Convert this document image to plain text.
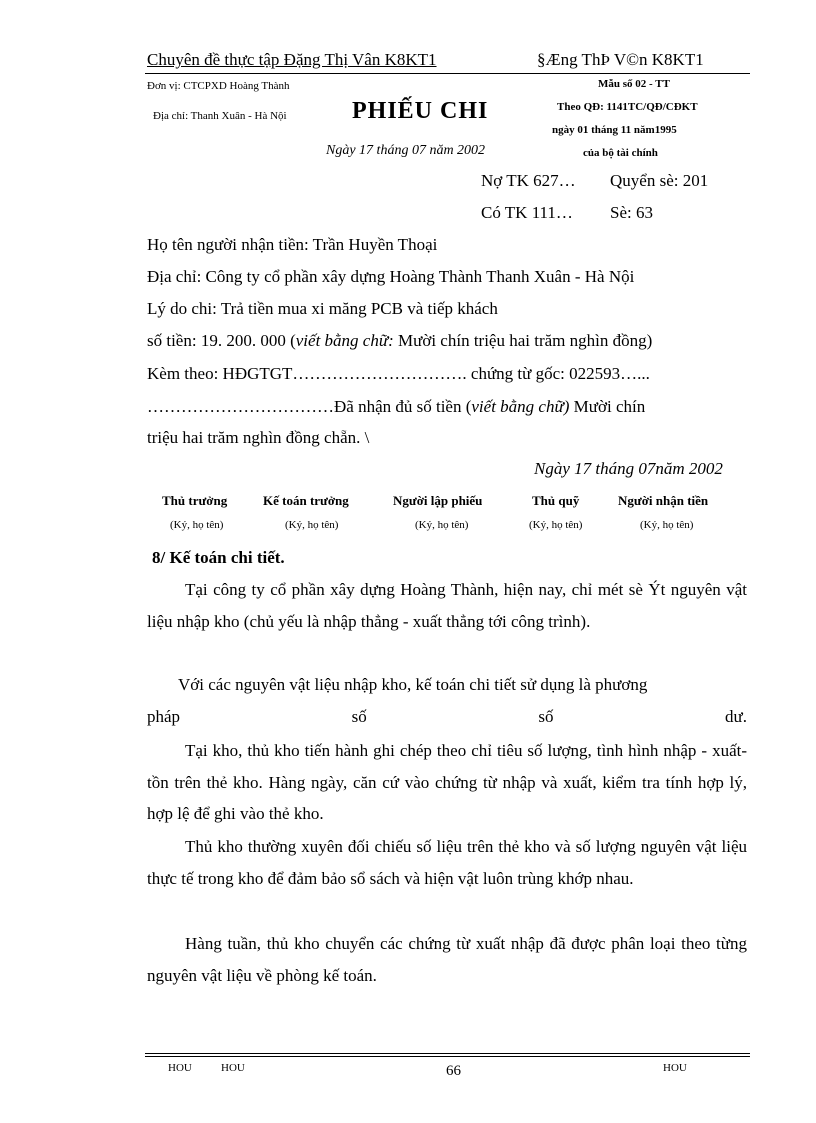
Chuyên đề thực tập Đặng Thị Vân K8KT1	§Æng ThÞ V©n K8KT1
Đơn vị: CTCPXD Hoàng Thành
Địa chỉ: Thanh Xuân - Hà Nội	PHIẾU CHI
Ngày 17 tháng 07 năm 2002
Mẫu số 02 - TT
Theo QĐ: 1141TC/QĐ/CĐKT
ngày 01 tháng 11 năm1995
của bộ tài chính
Nợ TK 627… Quyển sè: 201
Có TK 111… Sè: 63
Họ tên người nhận tiền: Trần Huyền Thoại
Địa chỉ: Công ty cổ phần xây dựng Hoàng Thành Thanh Xuân - Hà Nội
Lý do chi: Trả tiền mua xi măng PCB và tiếp khách
số tiền: 19. 200. 000 (viết bằng chữ: Mười chín triệu hai trăm nghìn đồng)
Kèm theo: HĐGTGT…………………………. chứng từ gốc: 022593…...
……………………………Đã nhận đủ số tiền (viết bằng chữ) Mười chín
triệu hai trăm nghìn đồng chẵn. \
Ngày 17 tháng 07năm 2002
Thủ trưởng	Kế toán trưởng	Người lập phiếu	Thủ quỹ	Người nhận tiền
(Ký, họ tên)	(Ký, họ tên)	(Ký, họ tên)	(Ký, họ tên)	(Ký, họ tên)
8/ Kế toán chi tiết.
Tại công ty cổ phần xây dựng Hoàng Thành, hiện nay, chỉ mét sè Ýt nguyên vật liệu nhập kho (chủ yếu là nhập thẳng - xuất thẳng tới công trình).
Với các nguyên vật liệu nhập kho, kế toán chi tiết sử dụng là phương
pháp	số	số	dư.
Tại kho, thủ kho tiến hành ghi chép theo chỉ tiêu số lượng, tình hình nhập - xuất- tồn trên thẻ kho. Hàng ngày, căn cứ vào chứng từ nhập và xuất, kiểm tra tính hợp lý, hợp lệ để ghi vào thẻ kho.
Thủ kho thường xuyên đối chiếu số liệu trên thẻ kho và số lượng nguyên vật liệu thực tế trong kho để đảm bảo sổ sách và hiện vật luôn trùng khớp nhau.
Hàng tuần, thủ kho chuyển các chứng từ xuất nhập đã được phân loại theo từng nguyên vật liệu về phòng kế toán.
HOU	HOU	66	HOU
